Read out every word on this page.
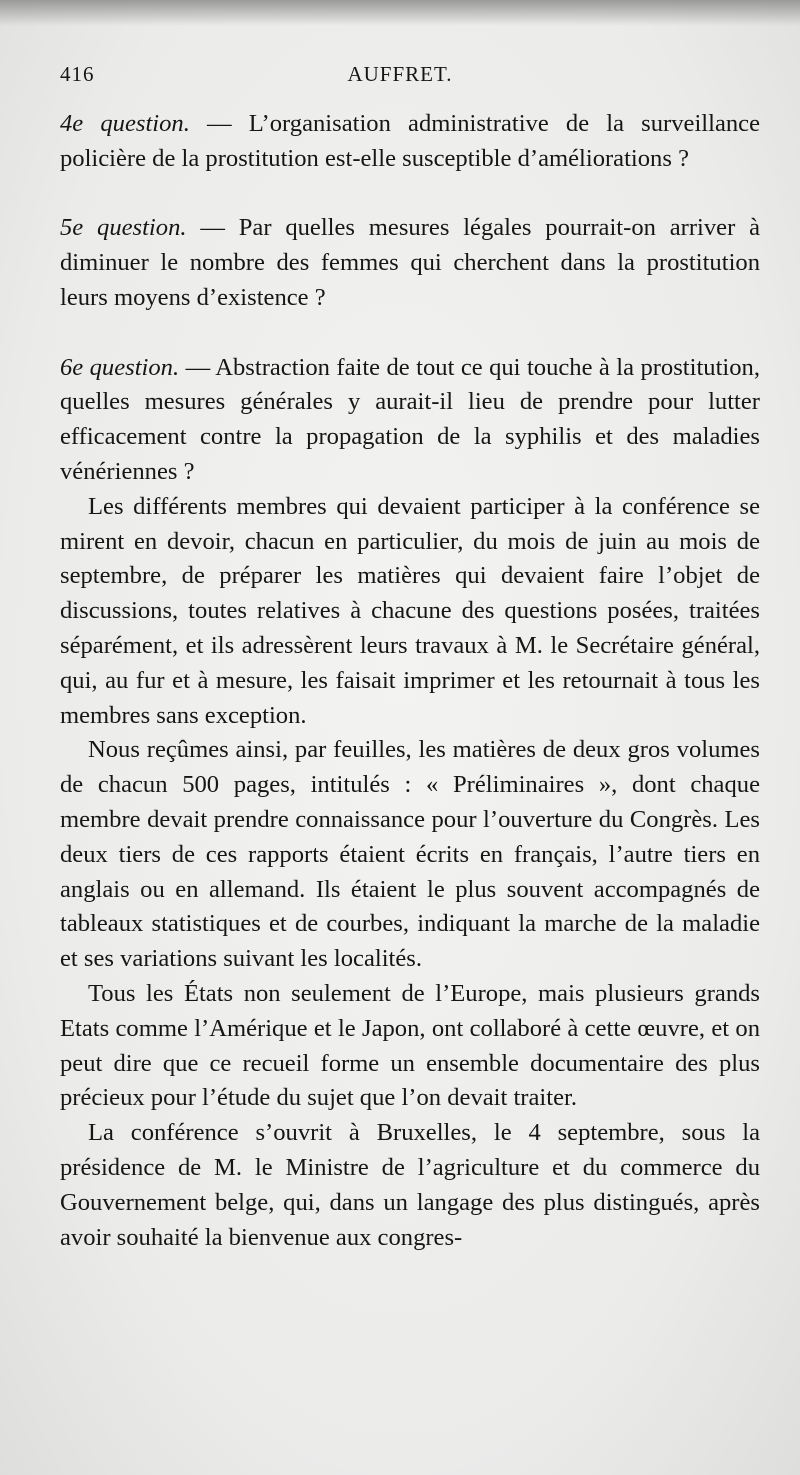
416	AUFFRET.

4e question. — L’organisation administrative de la surveillance policière de la prostitution est-elle susceptible d’améliorations ?

5e question. — Par quelles mesures légales pourrait-on arriver à diminuer le nombre des femmes qui cherchent dans la prostitution leurs moyens d’existence ?

6e question. — Abstraction faite de tout ce qui touche à la prostitution, quelles mesures générales y aurait-il lieu de prendre pour lutter efficacement contre la propagation de la syphilis et des maladies vénériennes ?

Les différents membres qui devaient participer à la conférence se mirent en devoir, chacun en particulier, du mois de juin au mois de septembre, de préparer les matières qui devaient faire l’objet de discussions, toutes relatives à chacune des questions posées, traitées séparément, et ils adressèrent leurs travaux à M. le Secrétaire général, qui, au fur et à mesure, les faisait imprimer et les retournait à tous les membres sans exception.

Nous reçûmes ainsi, par feuilles, les matières de deux gros volumes de chacun 500 pages, intitulés : « Préliminaires », dont chaque membre devait prendre connaissance pour l’ouverture du Congrès. Les deux tiers de ces rapports étaient écrits en français, l’autre tiers en anglais ou en allemand. Ils étaient le plus souvent accompagnés de tableaux statistiques et de courbes, indiquant la marche de la maladie et ses variations suivant les localités.

Tous les États non seulement de l’Europe, mais plusieurs grands Etats comme l’Amérique et le Japon, ont collaboré à cette œuvre, et on peut dire que ce recueil forme un ensemble documentaire des plus précieux pour l’étude du sujet que l’on devait traiter.

La conférence s’ouvrit à Bruxelles, le 4 septembre, sous la présidence de M. le Ministre de l’agriculture et du commerce du Gouvernement belge, qui, dans un langage des plus distingués, après avoir souhaité la bienvenue aux congres-
